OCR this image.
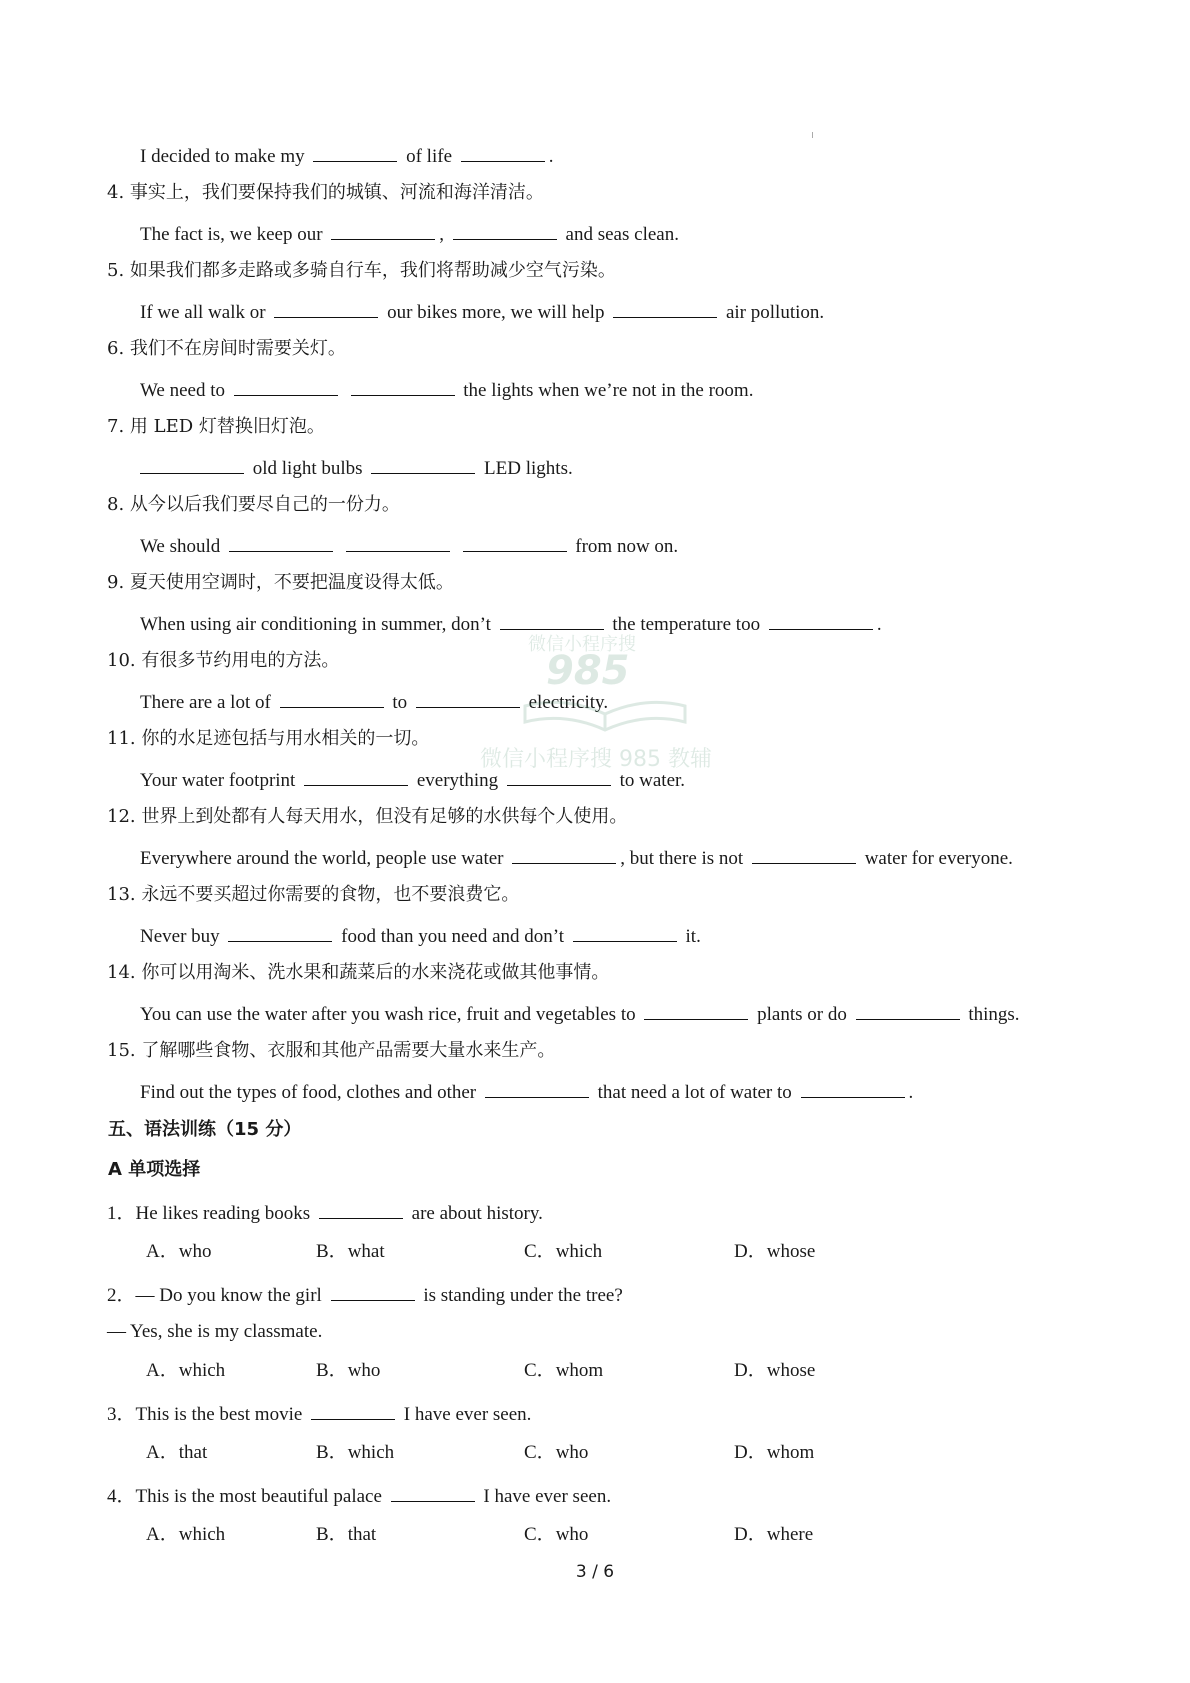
I decided to make my	of life	.
4. 事实上，我们要保持我们的城镇、河流和海洋清洁。
The fact is, we keep our	,	and seas clean.
5. 如果我们都多走路或多骑自行车，我们将帮助减少空气污染。
If we all walk or	our bikes more, we will help	air pollution.
6. 我们不在房间时需要关灯。
We need to	the lights when we’re not in the room.
7. 用 LED 灯替换旧灯泡。
old light bulbs	LED lights.
8. 从今以后我们要尽自己的一份力。
We should	from now on.
9. 夏天使用空调时，不要把温度设得太低。
When using air conditioning in summer, don’t	the temperature too	.
10. 有很多节约用电的方法。
There are a lot of	to	electricity.
11. 你的水足迹包括与用水相关的一切。
Your water footprint	everything	to water.
12. 世界上到处都有人每天用水，但没有足够的水供每个人使用。
Everywhere around the world, people use water	, but there is not	water for everyone.
13. 永远不要买超过你需要的食物，也不要浪费它。
Never buy	food than you need and don’t	it.
14. 你可以用淘米、洗水果和蔬菜后的水来浇花或做其他事情。
You can use the water after you wash rice, fruit and vegetables to	plants or do	things.
15. 了解哪些食物、衣服和其他产品需要大量水来生产。
Find out the types of food, clothes and other	that need a lot of water to	.
五、语法训练（15 分）
A 单项选择
1．He likes reading books	are about history.
A．who	B．what	C．which	D．whose
2．— Do you know the girl	is standing under the tree?
— Yes, she is my classmate.
A．which	B．who	C．whom	D．whose
3．This is the best movie	I have ever seen.
A．that	B．which	C．who	D．whom
4．This is the most beautiful palace	I have ever seen.
A．which	B．that	C．who	D．where
微信小程序搜
985
微信小程序搜 985 教辅
3 / 6
